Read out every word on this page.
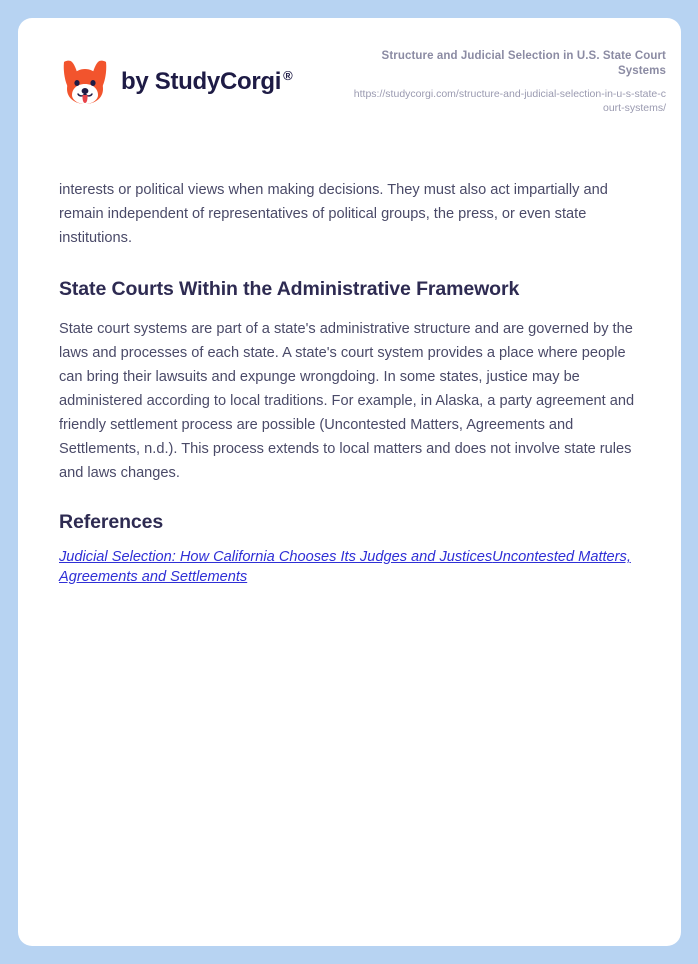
by StudyCorgi ®
Structure and Judicial Selection in U.S. State Court Systems
https://studycorgi.com/structure-and-judicial-selection-in-u-s-state-court-systems/

interests or political views when making decisions. They must also act impartially and remain independent of representatives of political groups, the press, or even state institutions.

State Courts Within the Administrative Framework

State court systems are part of a state's administrative structure and are governed by the laws and processes of each state. A state's court system provides a place where people can bring their lawsuits and expunge wrongdoing. In some states, justice may be administered according to local traditions. For example, in Alaska, a party agreement and friendly settlement process are possible (Uncontested Matters, Agreements and Settlements, n.d.). This process extends to local matters and does not involve state rules and laws changes.

References
Judicial Selection: How California Chooses Its Judges and JusticesUncontested Matters, Agreements and Settlements
